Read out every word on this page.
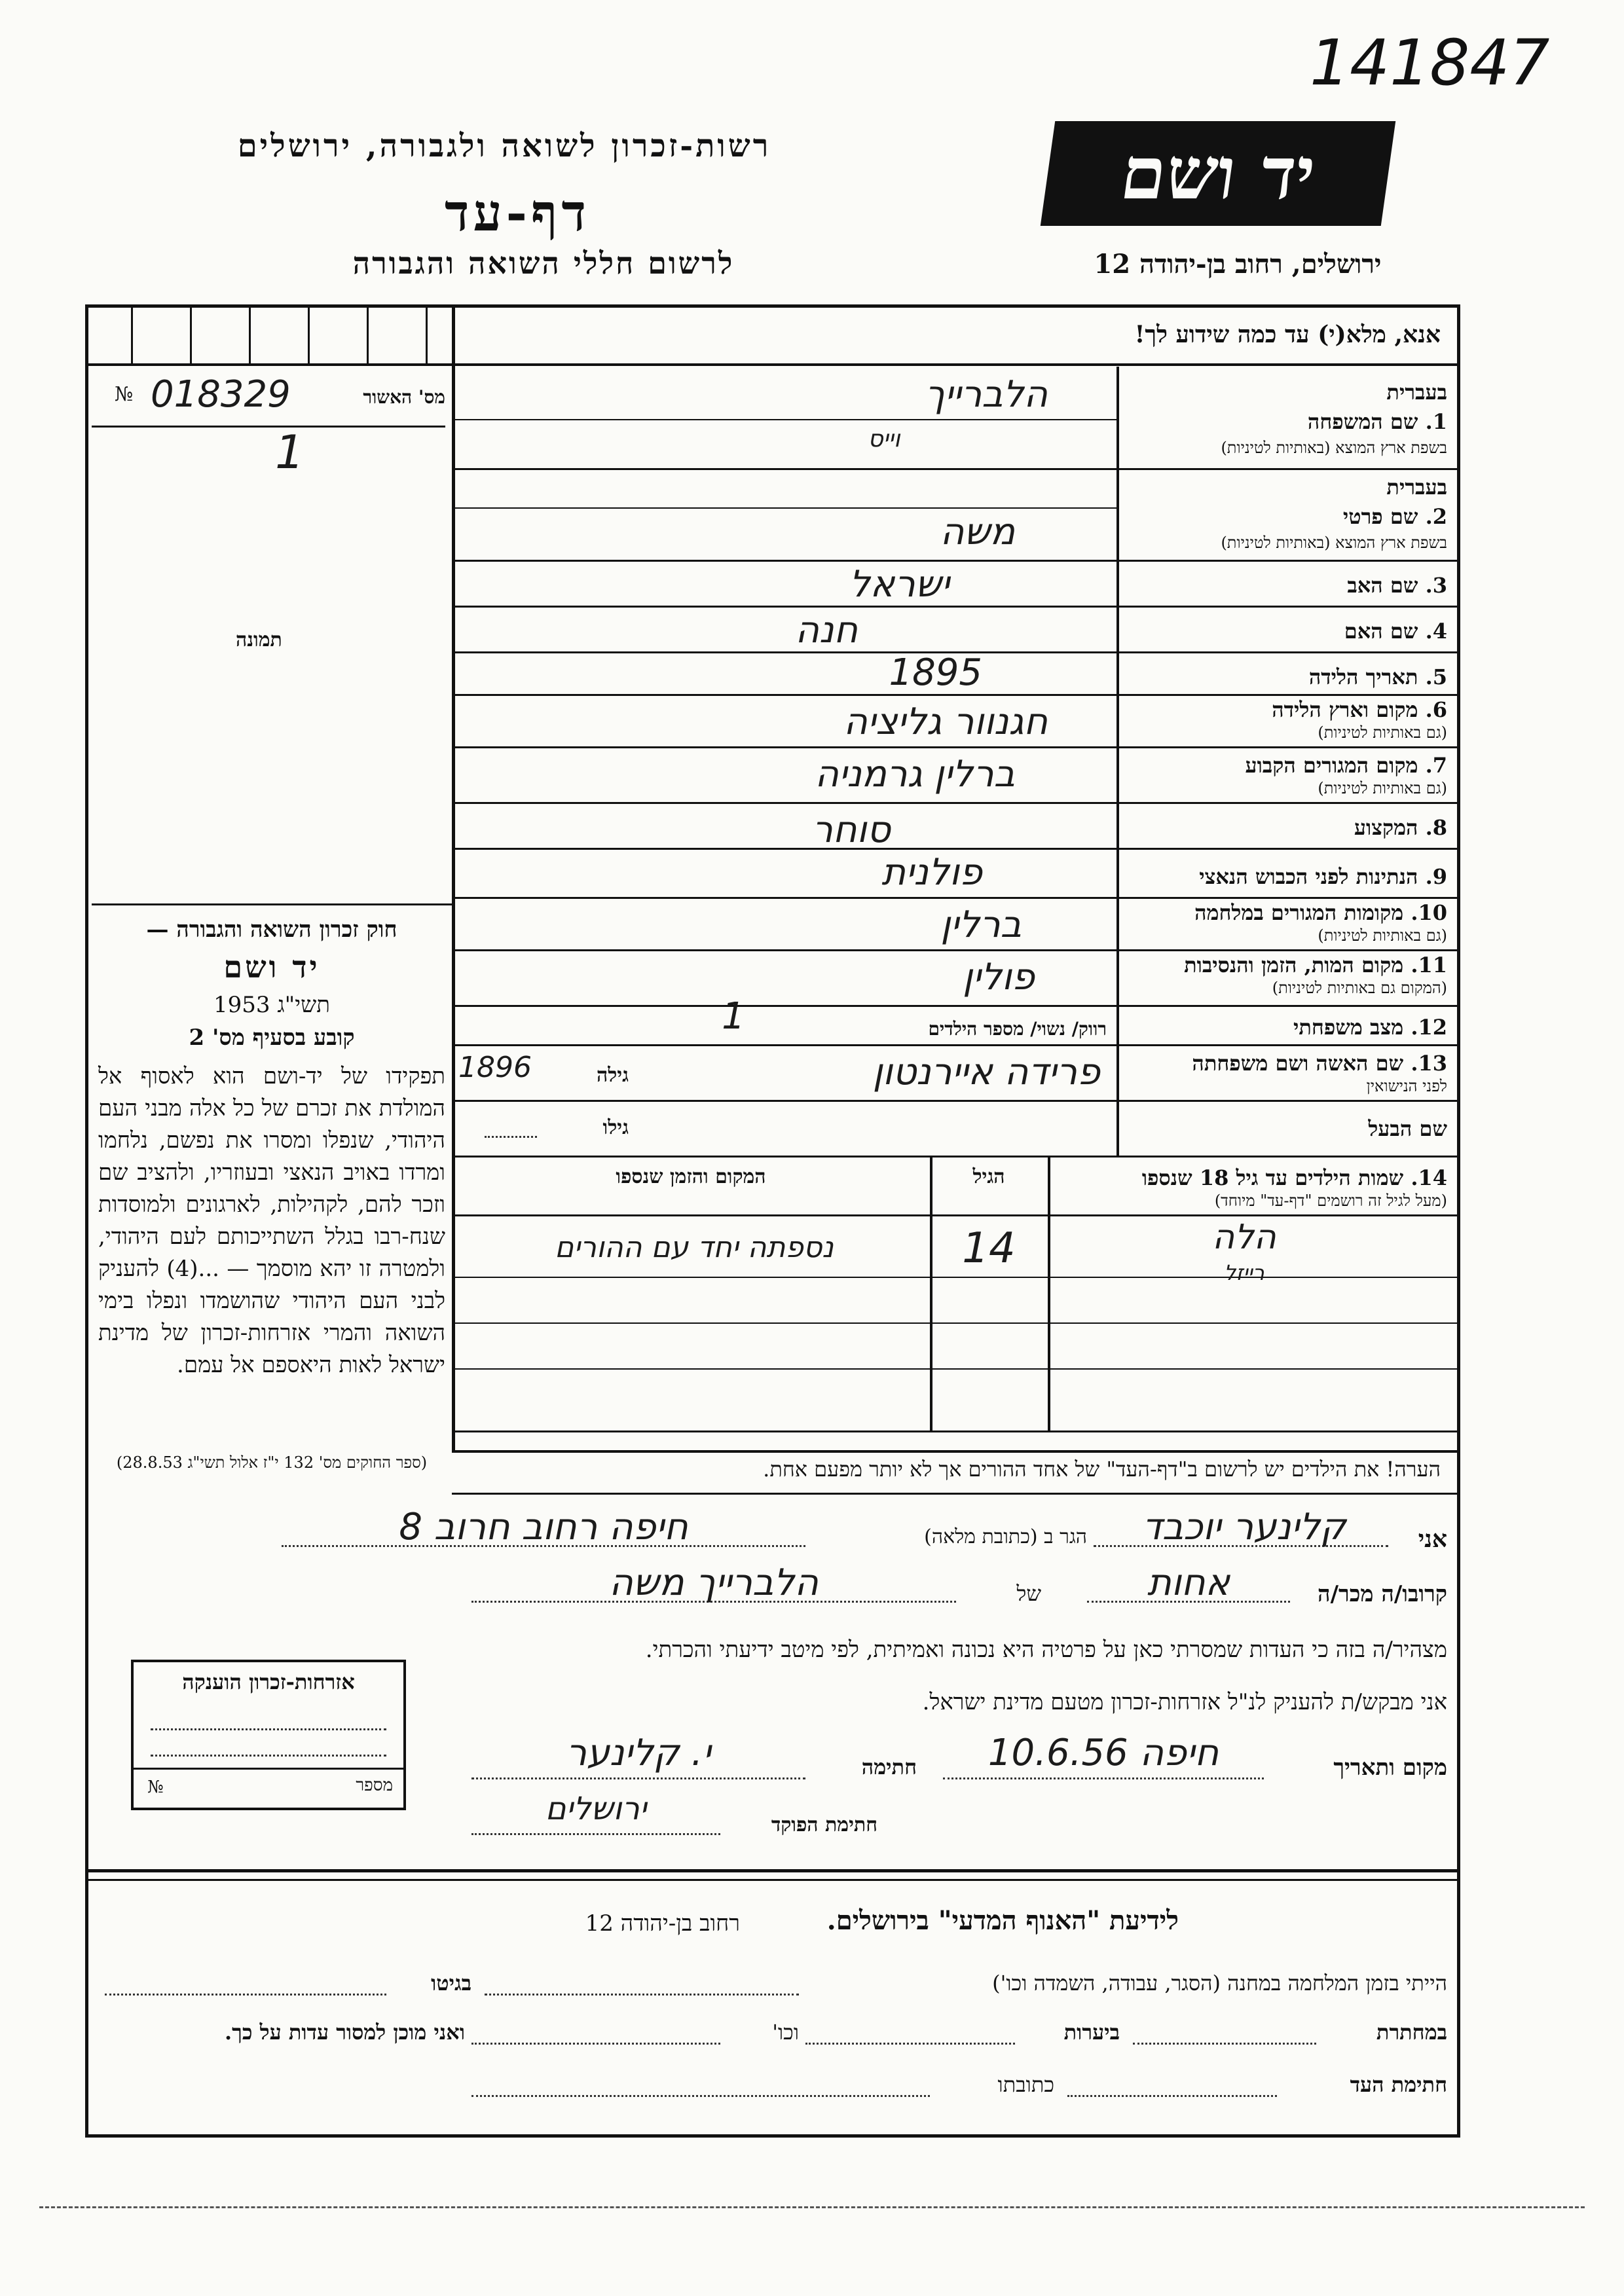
141847
רשות-זכרון לשואה ולגבורה, ירושלים
דף-עד
לרשום חללי השואה והגבורה
יד ושם
ירושלים, רחוב בן-יהודה 12
אנא, מלא(י) עד כמה שידוע לך!
№ 018329	מס' האשור
1
תמונה
חוק זכרון השואה והגבורה —
יד ושם
תשי"ג 1953
קובע בסעיף מס' 2
תפקידו של יד-ושם הוא לאסוף אל המולדת את זכרם של כל אלה מבני העם היהודי, שנפלו ומסרו את נפשם, נלחמו ומרדו באויב הנאצי ובעוזריו, ולהציב שם וזכר להם, לקהילות, לארגונים ולמוסדות שנח-רבו בגלל השתייכותם לעם היהודי, ולמטרה זו יהא מוסמך — ...(4) להעניק לבני העם היהודי שהושמדו ונפלו בימי השואה והמרי אזרחות-זכרון של מדינת ישראל לאות היאספם אל עמם.
(ספר החוקים מס' 132 י"ז אלול תשי"ג 28.8.53)
בעברית
1. שם המשפחה
בשפת ארץ המוצא (באותיות לטיניות)
הלברייך
וייס
בעברית
2. שם פרטי
בשפת ארץ המוצא (באותיות לטיניות)
משה
3. שם האב
ישראל
4. שם האם
חנה
5. תאריך הלידה
1895
6. מקום וארץ הלידה
(גם באותיות לטיניות)
חגנוור גליציה
7. מקום המגורים הקבוע
(גם באותיות לטיניות)
ברלין גרמניה
8. המקצוע
סוחר
9. הנתינות לפני הכבוש הנאצי
פולנית
10. מקומות המגורים במלחמה
(גם באותיות לטיניות)
ברלין
11. מקום המות, הזמן והנסיבות
(המקום גם באותיות לטיניות)
פולין
12. מצב משפחתי
רווק/ נשוי/ מספר הילדים
1
13. שם האשה ושם משפחתה
לפני הנישואין
פרידה איירנטון
גילה
1896
שם הבעל
גילו
14. שמות הילדים עד גיל 18 שנספו
(מעל לגיל זה רושמים "דף-עד" מיוחד)
הגיל
המקום והזמן שנספו
הלה
רייזל
14
נספתה יחד עם ההורים
הערה! את הילדים יש לרשום ב"דף-העד" של אחד ההורים אך לא יותר מפעם אחת.
אני
קלינער יוכבד
הגר ב (כתובת מלאה)
חיפה רחוב חרוב 8
קרובו/ה מכר/ה
אחות
של
הלברייך משה
מצהיר/ה בזה כי העדות שמסרתי כאן על פרטיה היא נכונה ואמיתית, לפי מיטב ידיעתי והכרתי.
אני מבקש/ת להעניק לנ"ל אזרחות-זכרון מטעם מדינת ישראל.
מקום ותאריך
חיפה 10.6.56
חתימה
י. קלינער
חתימת הפוקד
ירושלים
אזרחות-זכרון הוענקה
№	מספר
לידיעת "האנוף המדעי" בירושלים.
רחוב בן-יהודה 12
הייתי בזמן המלחמה במחנה (הסגר, עבודה, השמדה וכו')
בגיטו
במחתרת
ביערות
וכו'
ואני מוכן למסור עדות על כך.
חתימת העד
כתובתו
